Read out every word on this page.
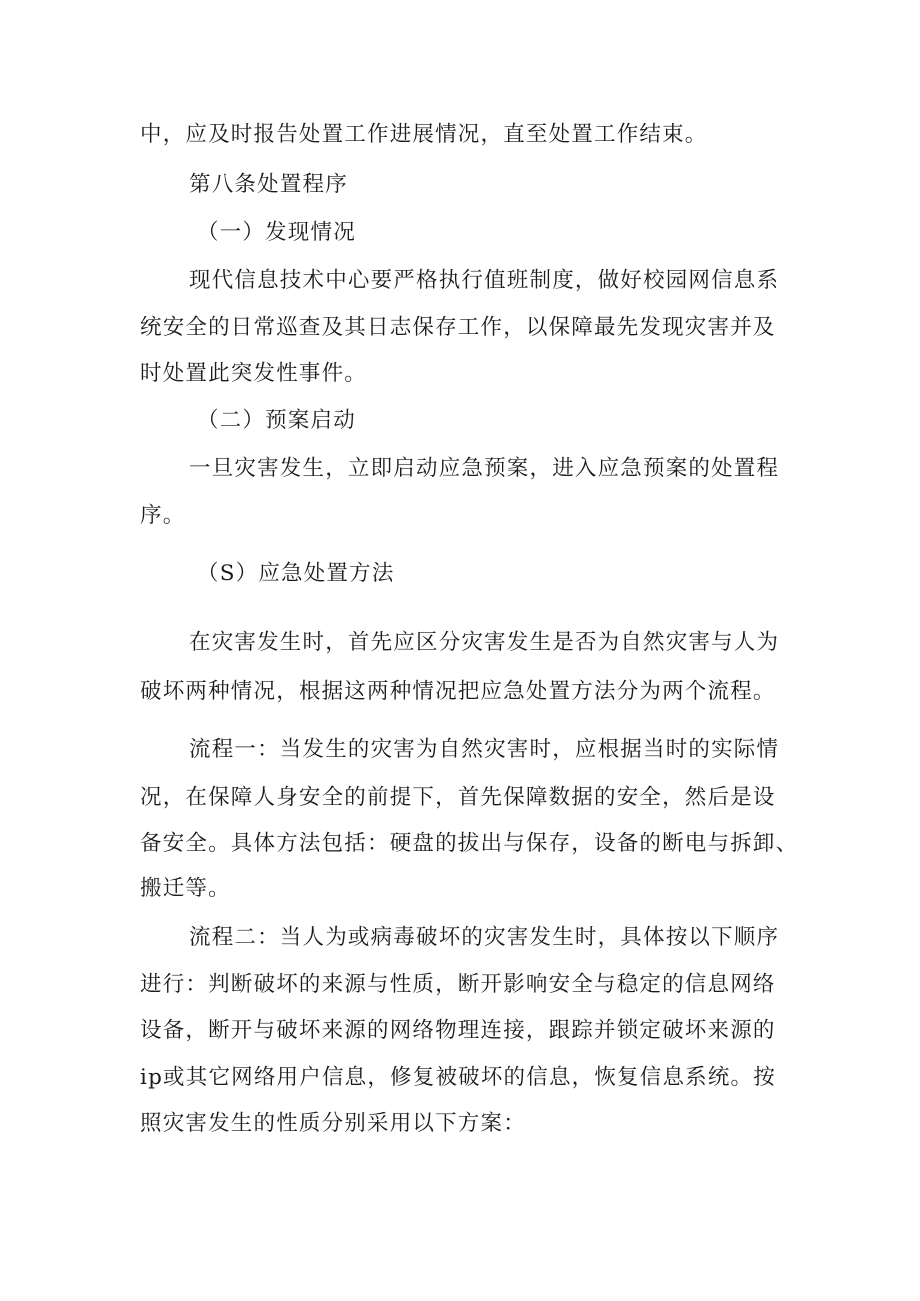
中，应及时报告处置工作进展情况，直至处置工作结束。
第八条处置程序
（一）发现情况
现代信息技术中心要严格执行值班制度，做好校园网信息系
统安全的日常巡查及其日志保存工作，以保障最先发现灾害并及
时处置此突发性事件。
（二）预案启动
一旦灾害发生，立即启动应急预案，进入应急预案的处置程
序。
（S）应急处置方法
在灾害发生时，首先应区分灾害发生是否为自然灾害与人为
破坏两种情况，根据这两种情况把应急处置方法分为两个流程。
流程一：当发生的灾害为自然灾害时，应根据当时的实际情
况，在保障人身安全的前提下，首先保障数据的安全，然后是设
备安全。具体方法包括：硬盘的拔出与保存，设备的断电与拆卸、
搬迁等。
流程二：当人为或病毒破坏的灾害发生时，具体按以下顺序
进行：判断破坏的来源与性质，断开影响安全与稳定的信息网络
设备，断开与破坏来源的网络物理连接，跟踪并锁定破坏来源的
ip或其它网络用户信息，修复被破坏的信息，恢复信息系统。按
照灾害发生的性质分别采用以下方案：
